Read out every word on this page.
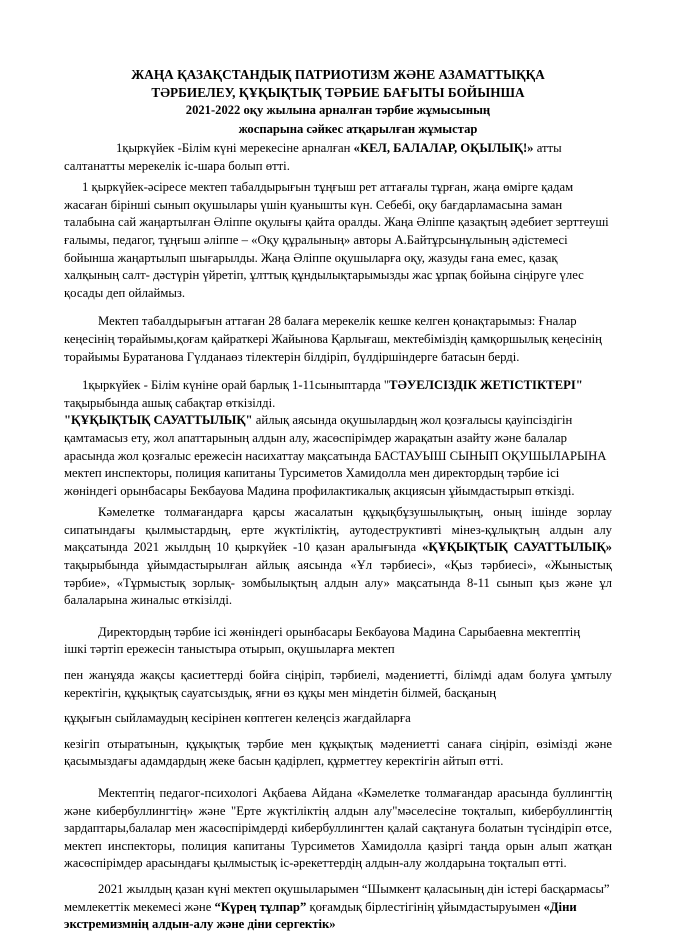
ЖАҢА ҚАЗАҚСТАНДЫҚ ПАТРИОТИЗМ ЖӘНЕ АЗАМАТТЫҚҚА
ТӘРБИЕЛЕУ, ҚҰҚЫҚТЫҚ ТӘРБИЕ БАҒЫТЫ БОЙЫНША
2021-2022 оқу жылына арналған тәрбие жұмысының
жоспарына сәйкес атқарылған жұмыстар

1қыркүйек -Білім күні мерекесіне арналған «КЕЛ, БАЛАЛАР, ОҚЫЛЫҚ!» атты салтанатты мерекелік іс-шара болып өтті.

1 қыркүйек-әсіресе мектеп табалдырығын тұңғыш рет аттағалы тұрған, жаңа өмірге қадам жасаған бірінші сынып оқушылары үшін қуанышты күн. Себебі, оқу бағдарламасына заман талабына сай жаңартылған Әліппе оқулығы қайта оралды. Жаңа Әліппе қазақтың әдебиет зерттеуші ғалымы, педагог, тұңғыш әліппе – «Оқу құралының» авторы А.Байтұрсынұлының әдістемесі бойынша жаңартылып шығарылды. Жаңа Әліппе оқушыларға оқу, жазуды ғана емес, қазақ халқының салт- дәстүрін үйретіп, ұлттық құндылықтарымызды жас ұрпақ бойына сіңіруге үлес қосады деп ойлаймыз.

Мектеп табалдырығын аттаған 28 балаға мерекелік кешке келген қонақтарымыз: Ғналар кеңесінің төрайымы,қоғам қайраткері Жайынова Қарлығаш, мектебіміздің қамқоршылық кеңесінің торайымы Буратанова Гүлданаөз тілектерін білдіріп, бүлдіршіндерге батасын берді.

1қыркүйек - Білім күніне орай барлық 1-11сыныптарда "ТӘУЕЛСІЗДІК ЖЕТІСТІКТЕРІ" тақырыбында ашық сабақтар өткізілді.

"ҚҰҚЫҚТЫҚ САУАТТЫЛЫҚ" айлық аясында оқушылардың жол қозғалысы қауіпсіздігін қамтамасыз ету, жол апаттарының алдын алу, жасөспірімдер жарақатын азайту және балалар арасында жол қозғалыс ережесін насихаттау мақсатында БАСТАУЫШ СЫНЫП ОҚУШЫЛАРЫНА мектеп инспекторы, полиция капитаны Турсиметов Хамидолла мен директордың тәрбие ісі жөніндегі орынбасары Бекбауова Мадина профилактикалық акциясын ұйымдастырып өткізді.

Кәмелетке толмағандарға қарсы жасалатын құқықбұзушылықтың, оның ішінде зорлау сипатындағы қылмыстардың, ерте жүктіліктің, аутодеструктивті мінез-құлықтың алдын алу мақсатында 2021 жылдың 10 қыркүйек -10 қазан аралығында «ҚҰҚЫҚТЫҚ САУАТТЫЛЫҚ» тақырыбында ұйымдастырылған айлық аясында «Ұл тәрбиесі», «Қыз тәрбиесі», «Жыныстық тәрбие», «Тұрмыстық зорлық- зомбылықтың алдын алу» мақсатында 8-11 сынып қыз және ұл балаларына жиналыс өткізілді.

Директордың тәрбие ісі жөніндегі орынбасары Бекбауова Мадина Сарыбаевна мектептің

ішкі тәртіп ережесін таныстыра отырып, оқушыларға мектеп

пен жанұяда жақсы қасиеттерді бойға сіңіріп, тәрбиелі, мәдениетті, білімді адам болуға ұмтылу керектігін, құқықтық сауатсыздық, яғни өз құқы мен міндетін білмей, басқаның

құқығын сыйламаудың кесірінен көптеген келеңсіз жағдайларға

кезігіп отыратынын, құқықтық тәрбие мен құқықтық мәдениетті санаға сіңіріп, өзімізді және қасымыздағы адамдардың жеке басын қадірлеп, құрметтеу керектігін айтып өтті.

Мектептің педагог-психологі Ақбаева Айдана «Кәмелетке толмағандар арасында буллингтің және кибербуллингтің» және "Ерте жүктіліктің алдын алу"мәселесіне тоқталып, кибербуллингтің зардаптары,балалар мен жасөспірімдерді кибербуллингтен қалай сақтануға болатын түсіндіріп өтсе, мектеп инспекторы, полиция капитаны Турсиметов Хамидолла қазіргі таңда орын алып жатқан жасөспірімдер арасындағы қылмыстық іс-әрекеттердің алдын-алу жолдарына тоқталып өтті.

2021 жылдың қазан күні мектеп оқушыларымен “Шымкент қаласының дін істері басқармасы” мемлекеттік мекемесі және “Күрең тұлпар” қоғамдық бірлестігінің ұйымдастыруымен «Діни экстремизмнің алдын-алу және діни сергектік»
